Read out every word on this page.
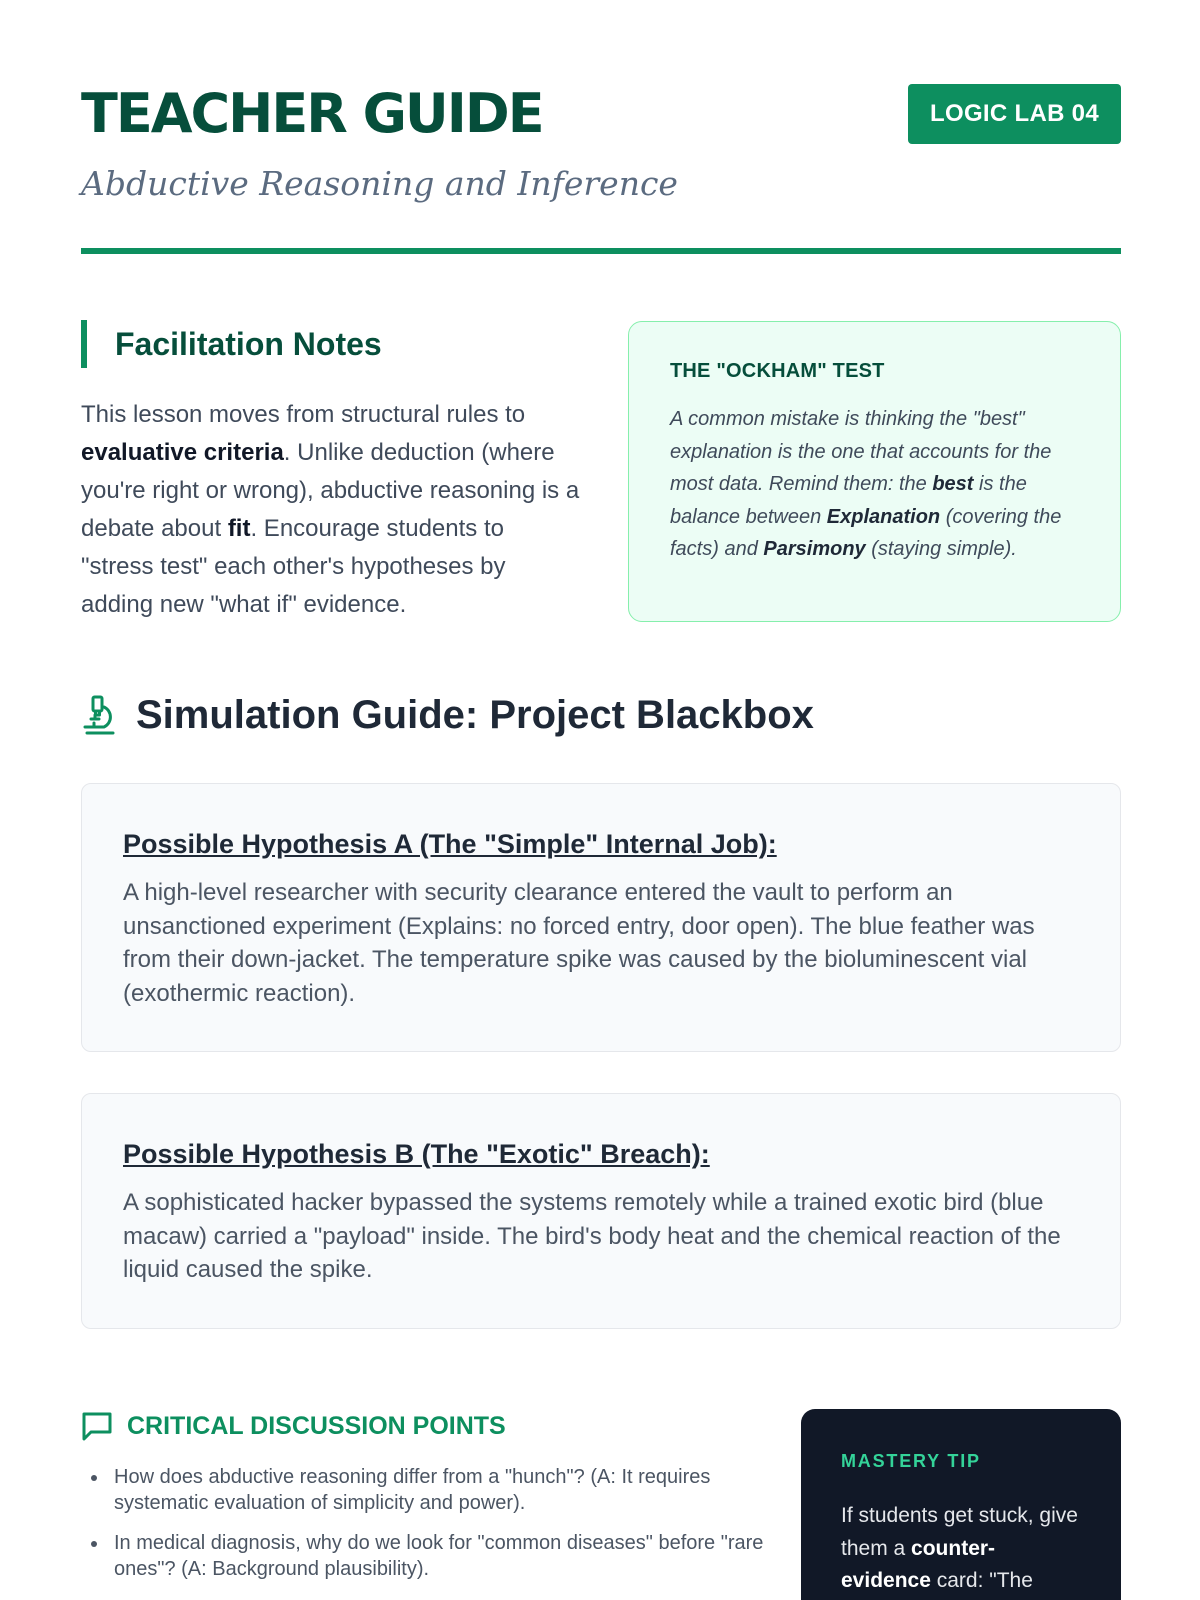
TEACHER GUIDE
Abductive Reasoning and Inference
LOGIC LAB 04
Facilitation Notes

This lesson moves from structural rules to evaluative criteria. Unlike deduction (where you're right or wrong), abductive reasoning is a debate about fit. Encourage students to "stress test" each other's hypotheses by adding new "what if" evidence.

THE "OCKHAM" TEST

A common mistake is thinking the "best" explanation is the one that accounts for the most data. Remind them: the best is the balance between Explanation (covering the facts) and Parsimony (staying simple).

Simulation Guide: Project Blackbox
Possible Hypothesis A (The "Simple" Internal Job):

A high-level researcher with security clearance entered the vault to perform an unsanctioned experiment (Explains: no forced entry, door open). The blue feather was from their down-jacket. The temperature spike was caused by the bioluminescent vial (exothermic reaction).

Possible Hypothesis B (The "Exotic" Breach):

A sophisticated hacker bypassed the systems remotely while a trained exotic bird (blue macaw) carried a "payload" inside. The bird's body heat and the chemical reaction of the liquid caused the spike.

CRITICAL DISCUSSION POINTS
How does abductive reasoning differ from a "hunch"? (A: It requires systematic evaluation of simplicity and power).
In medical diagnosis, why do we look for "common diseases" before "rare ones"? (A: Background plausibility).
MASTERY TIP

If students get stuck, give them a counter-evidence card: "The
